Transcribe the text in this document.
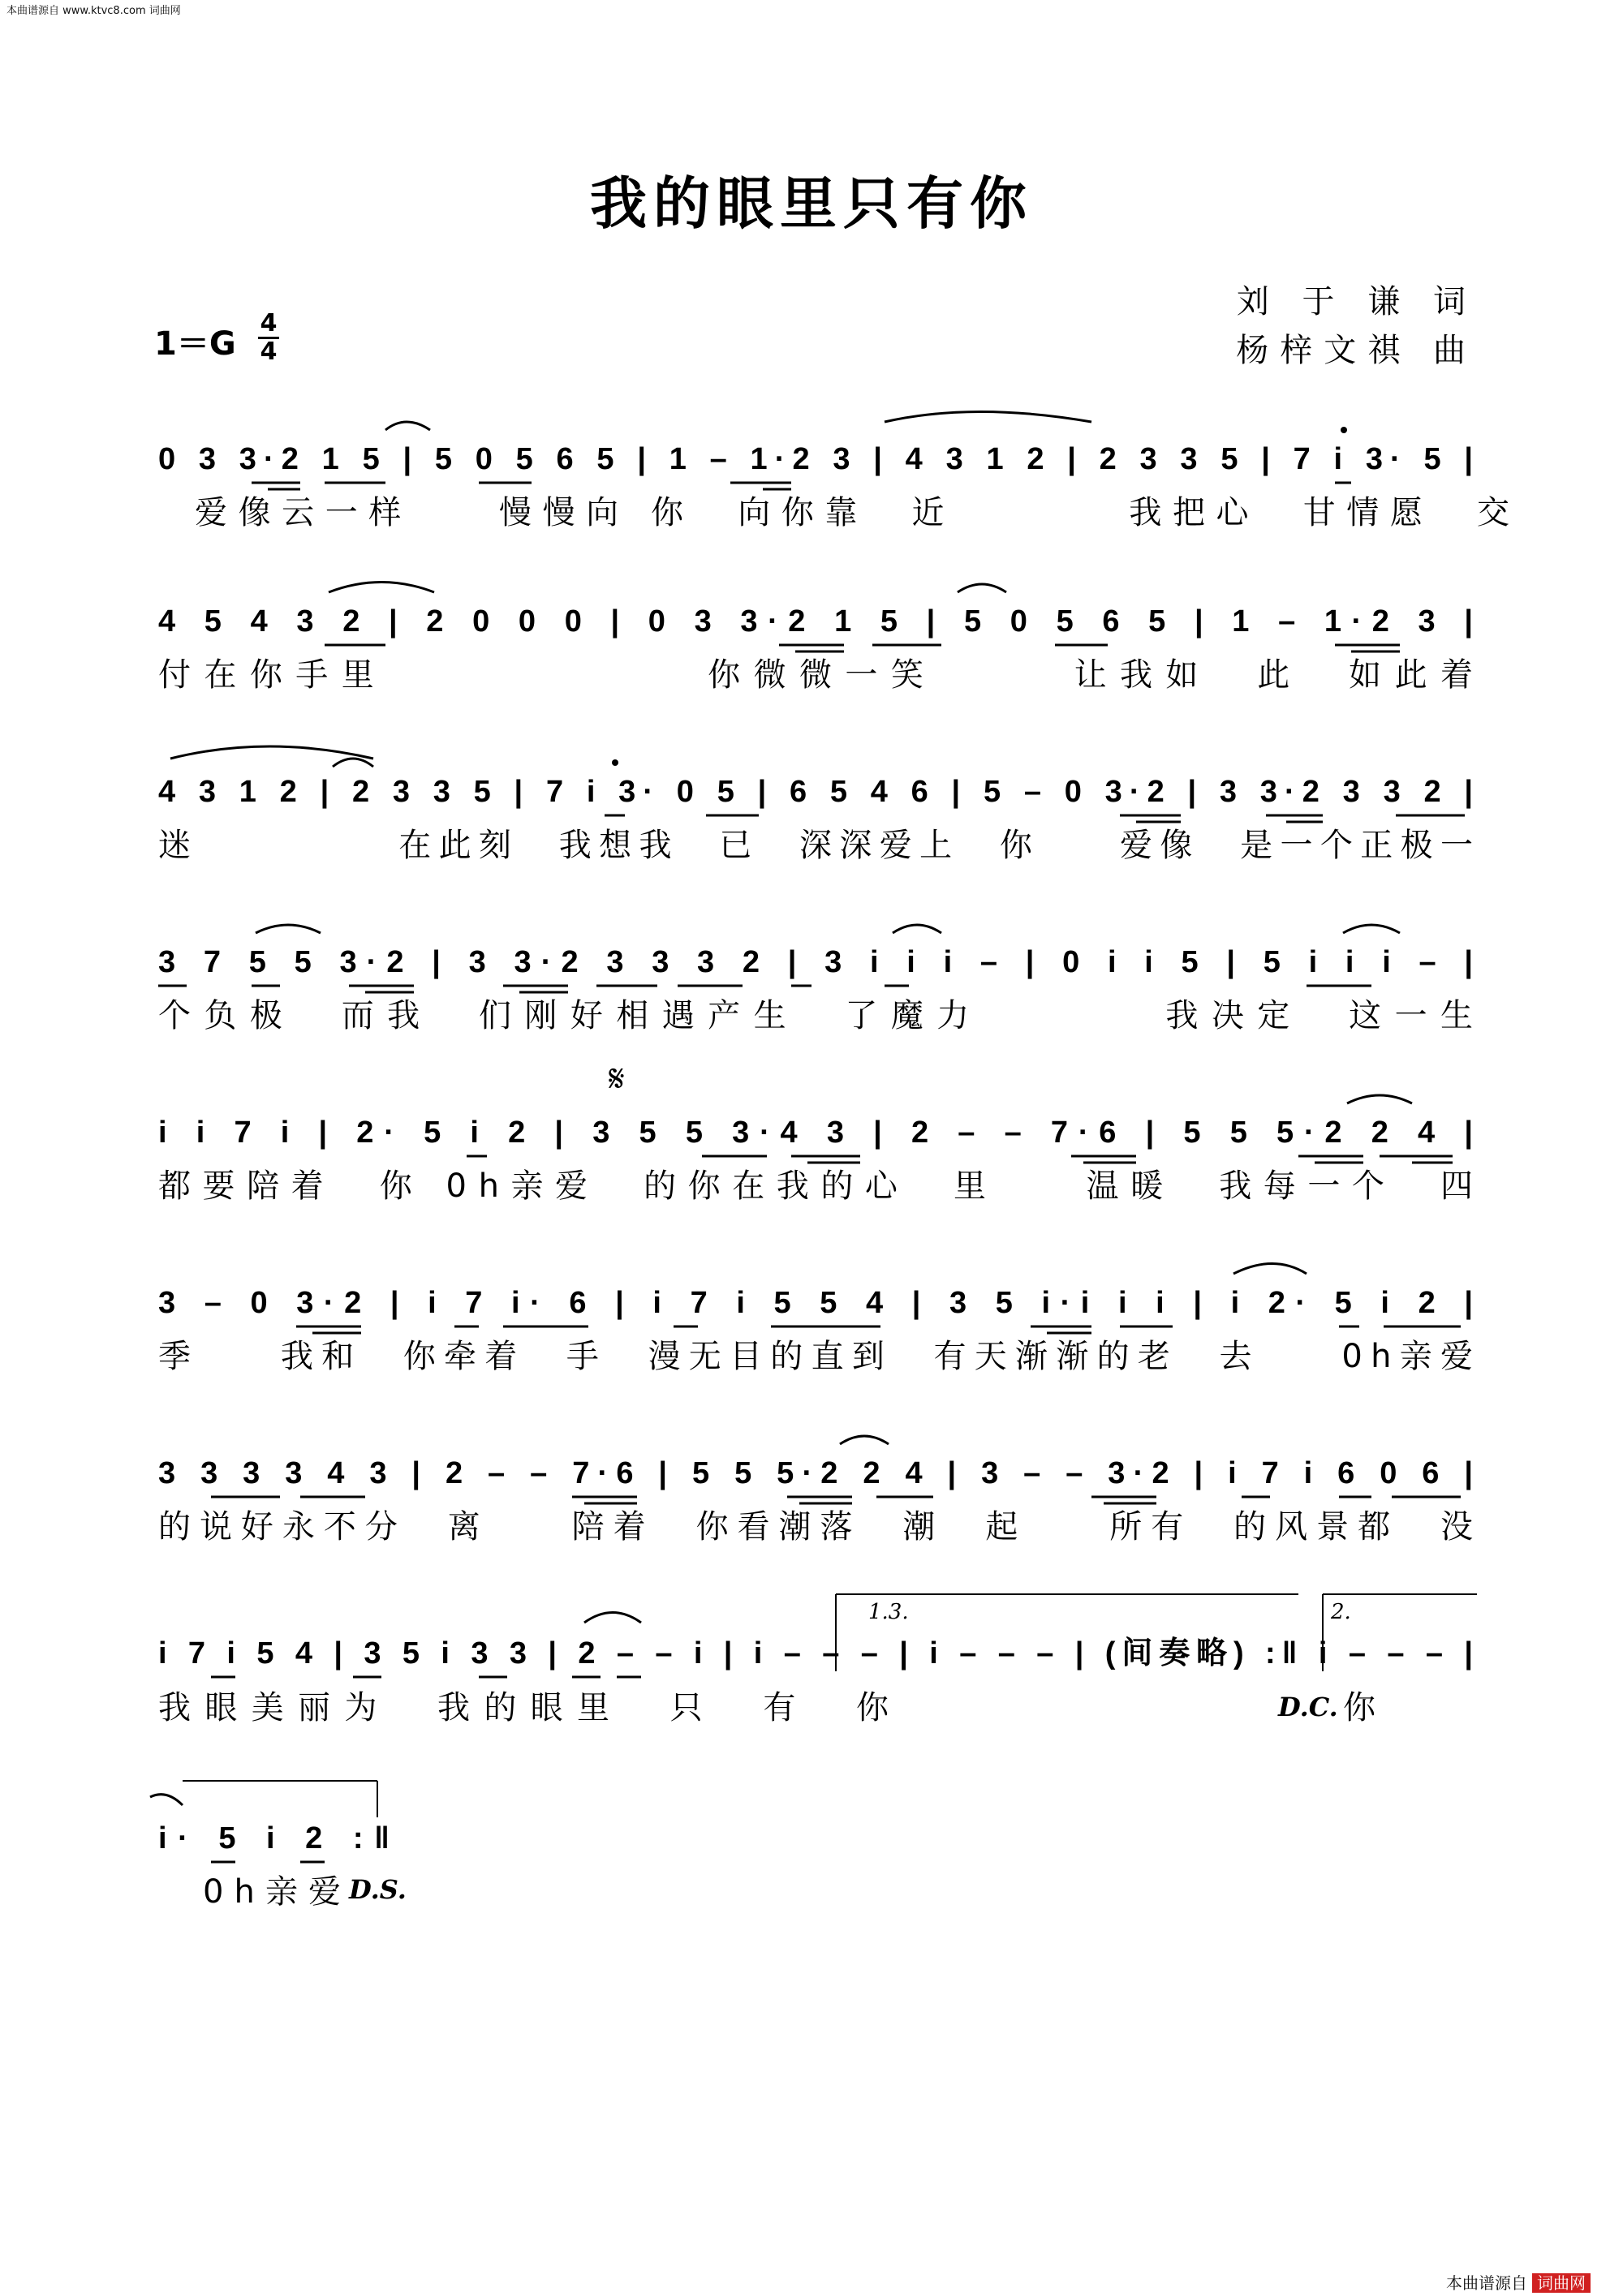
本曲谱源自 www.ktvc8.com 词曲网
我的眼里只有你
刘 于 谦 词
杨梓文祺 曲
1＝G
4
4
0 3 3·2 1 5 | 5 0 5 6 5 | 1 – 1·2 3 | 4 3 1 2 | 2 3 3 5 | 7 i 3· 5 |
爱像云一样　　慢慢向 你　向你靠　近　　　　我把心　甘情愿　交
4 5 4 3 2 | 2 0 0 0 | 0 3 3·2 1 5 | 5 0 5 6 5 | 1 – 1·2 3 |
付在你手里　　　　　　　你微微一笑　　　让我如　此　如此着
4 3 1 2 | 2 3 3 5 | 7 i 3· 0 5 | 6 5 4 6 | 5 – 0 3·2 | 3 3·2 3 3 2 |
迷　　　　　在此刻　我想我　已　深深爱上　你　　爱像　是一个正极一
3 7 5 5 3·2 | 3 3·2 3 3 3 2 | 3 i i i – | 0 i i 5 | 5 i i i – |
个负极　而我　们刚好相遇产生　了魔力　　　　我决定　这一生
𝄋
i i 7 i | 2· 5 i 2 | 3 5 5 3·4 3 | 2 – – 7·6 | 5 5 5·2 2 4 |
都要陪着　你 0h亲爱　的你在我的心　里　　温暖　我每一个　四
3 – 0 3·2 | i 7 i· 6 | i 7 i 5 5 4 | 3 5 i·i i i | i 2· 5 i 2 |
季　　我和　你牵着　手　漫无目的直到　有天渐渐的老　去　　0h亲爱
3 3 3 3 4 3 | 2 – – 7·6 | 5 5 5·2 2 4 | 3 – – 3·2 | i 7 i 6 0 6 |
的说好永不分　离　　陪着　你看潮落　潮　起　　所有　的风景都　没
1.3.	2.
i 7 i 5 4 | 3 5 i 3 3 | 2 – – i | i – – – | i – – – | (间奏略) :‖ i – – – |
我眼美丽为　我的眼里　只　有　你	D.C. 你
i· 5 i 2 :‖
0h亲爱 D.S.
本曲谱源自 词曲网
